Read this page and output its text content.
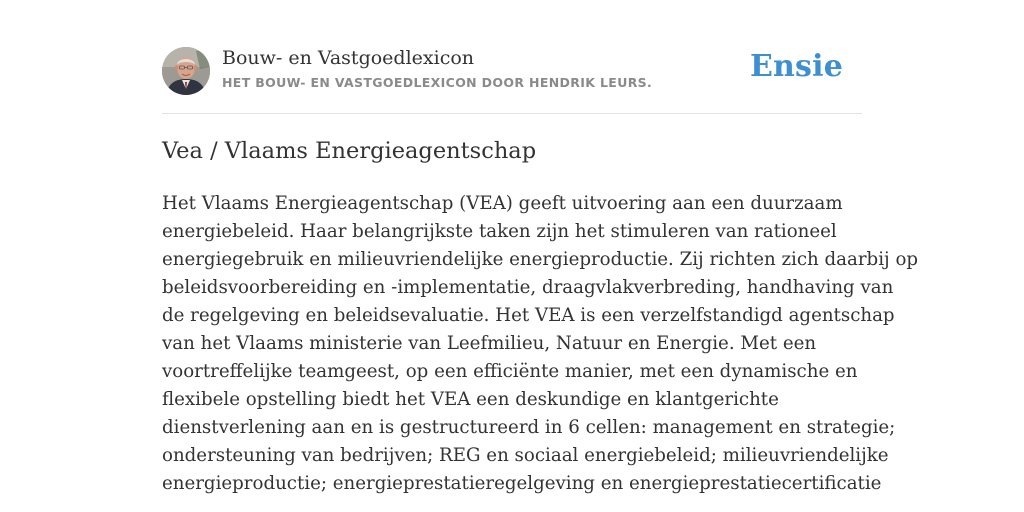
Bouw- en Vastgoedlexicon
HET BOUW- EN VASTGOEDLEXICON DOOR HENDRIK LEURS.	Ensie
Vea / Vlaams Energieagentschap
Het Vlaams Energieagentschap (VEA) geeft uitvoering aan een duurzaam
energiebeleid. Haar belangrijkste taken zijn het stimuleren van rationeel
energiegebruik en milieuvriendelijke energieproductie. Zij richten zich daarbij op
beleidsvoorbereiding en -implementatie, draagvlakverbreding, handhaving van
de regelgeving en beleidsevaluatie. Het VEA is een verzelfstandigd agentschap
van het Vlaams ministerie van Leefmilieu, Natuur en Energie. Met een
voortreffelijke teamgeest, op een efficiënte manier, met een dynamische en
flexibele opstelling biedt het VEA een deskundige en klantgerichte
dienstverlening aan en is gestructureerd in 6 cellen: management en strategie;
ondersteuning van bedrijven; REG en sociaal energiebeleid; milieuvriendelijke
energieproductie; energieprestatieregelgeving en energieprestatiecertificatie
